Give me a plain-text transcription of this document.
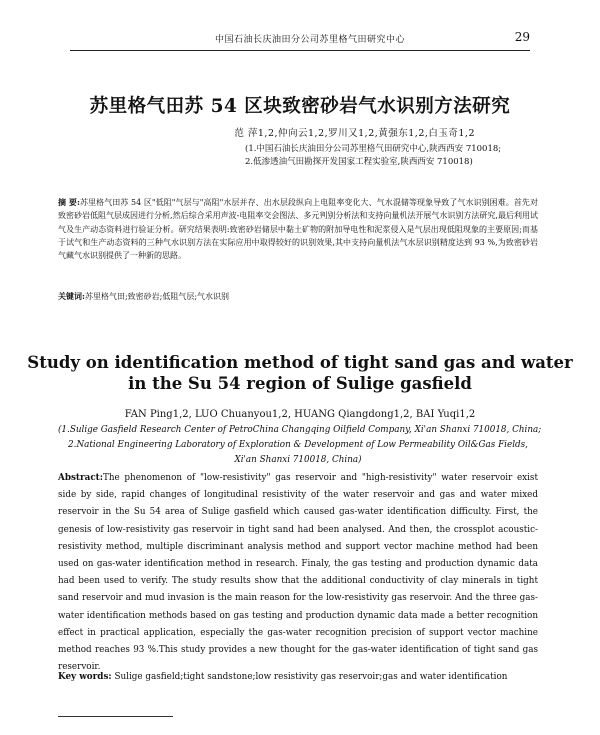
中国石油长庆油田分公司苏里格气田研究中心	29
苏里格气田苏 54 区块致密砂岩气水识别方法研究
范 萍1,2,仲向云1,2,罗川又1,2,黄强东1,2,白玉奇1,2
(1.中国石油长庆油田分公司苏里格气田研究中心,陕西西安 710018;
2.低渗透油气田勘探开发国家工程实验室,陕西西安 710018)
摘 要:苏里格气田苏 54 区"低阻"气层与"高阻"水层并存、出水层段纵向上电阻率变化大、气水混储等现象导致了气水识别困难。首先对致密砂岩低阻气层成因进行分析,然后综合采用声波-电阻率交会图法、多元判别分析法和支持向量机法开展气水识别方法研究,最后利用试气及生产动态资料进行验证分析。研究结果表明:致密砂岩储层中黏土矿物的附加导电性和泥浆侵入是气层出现低阻现象的主要原因;而基于试气和生产动态资料的三种气水识别方法在实际应用中取得较好的识别效果,其中支持向量机法气水层识别精度达到 93 %,为致密砂岩气藏气水识别提供了一种新的思路。
关键词:苏里格气田;致密砂岩;低阻气层;气水识别
Study on identification method of tight sand gas and water
in the Su 54 region of Sulige gasfield
FAN Ping1,2, LUO Chuanyou1,2, HUANG Qiangdong1,2, BAI Yuqi1,2
(1.Sulige Gasfield Research Center of PetroChina Changqing Oilfield Company, Xi'an Shanxi 710018, China;
2.National Engineering Laboratory of Exploration & Development of Low Permeability Oil&Gas Fields,
Xi'an Shanxi 710018, China)
Abstract:The phenomenon of "low-resistivity" gas reservoir and "high-resistivity" water reservoir exist side by side, rapid changes of longitudinal resistivity of the water reservoir and gas and water mixed reservoir in the Su 54 area of Sulige gasfield which caused gas-water identification difficulty. First, the genesis of low-resistivity gas reservoir in tight sand had been analysed. And then, the crossplot acoustic-resistivity method, multiple discriminant analysis method and support vector machine method had been used on gas-water identification method in research. Finaly, the gas testing and production dynamic data had been used to verify. The study results show that the additional conductivity of clay minerals in tight sand reservoir and mud invasion is the main reason for the low-resistivity gas reservoir. And the three gas-water identification methods based on gas testing and production dynamic data made a better recognition effect in practical application, especially the gas-water recognition precision of support vector machine method reaches 93 %.This study provides a new thought for the gas-water identification of tight sand gas reservoir.
Key words: Sulige gasfield;tight sandstone;low resistivity gas reservoir;gas and water identification
